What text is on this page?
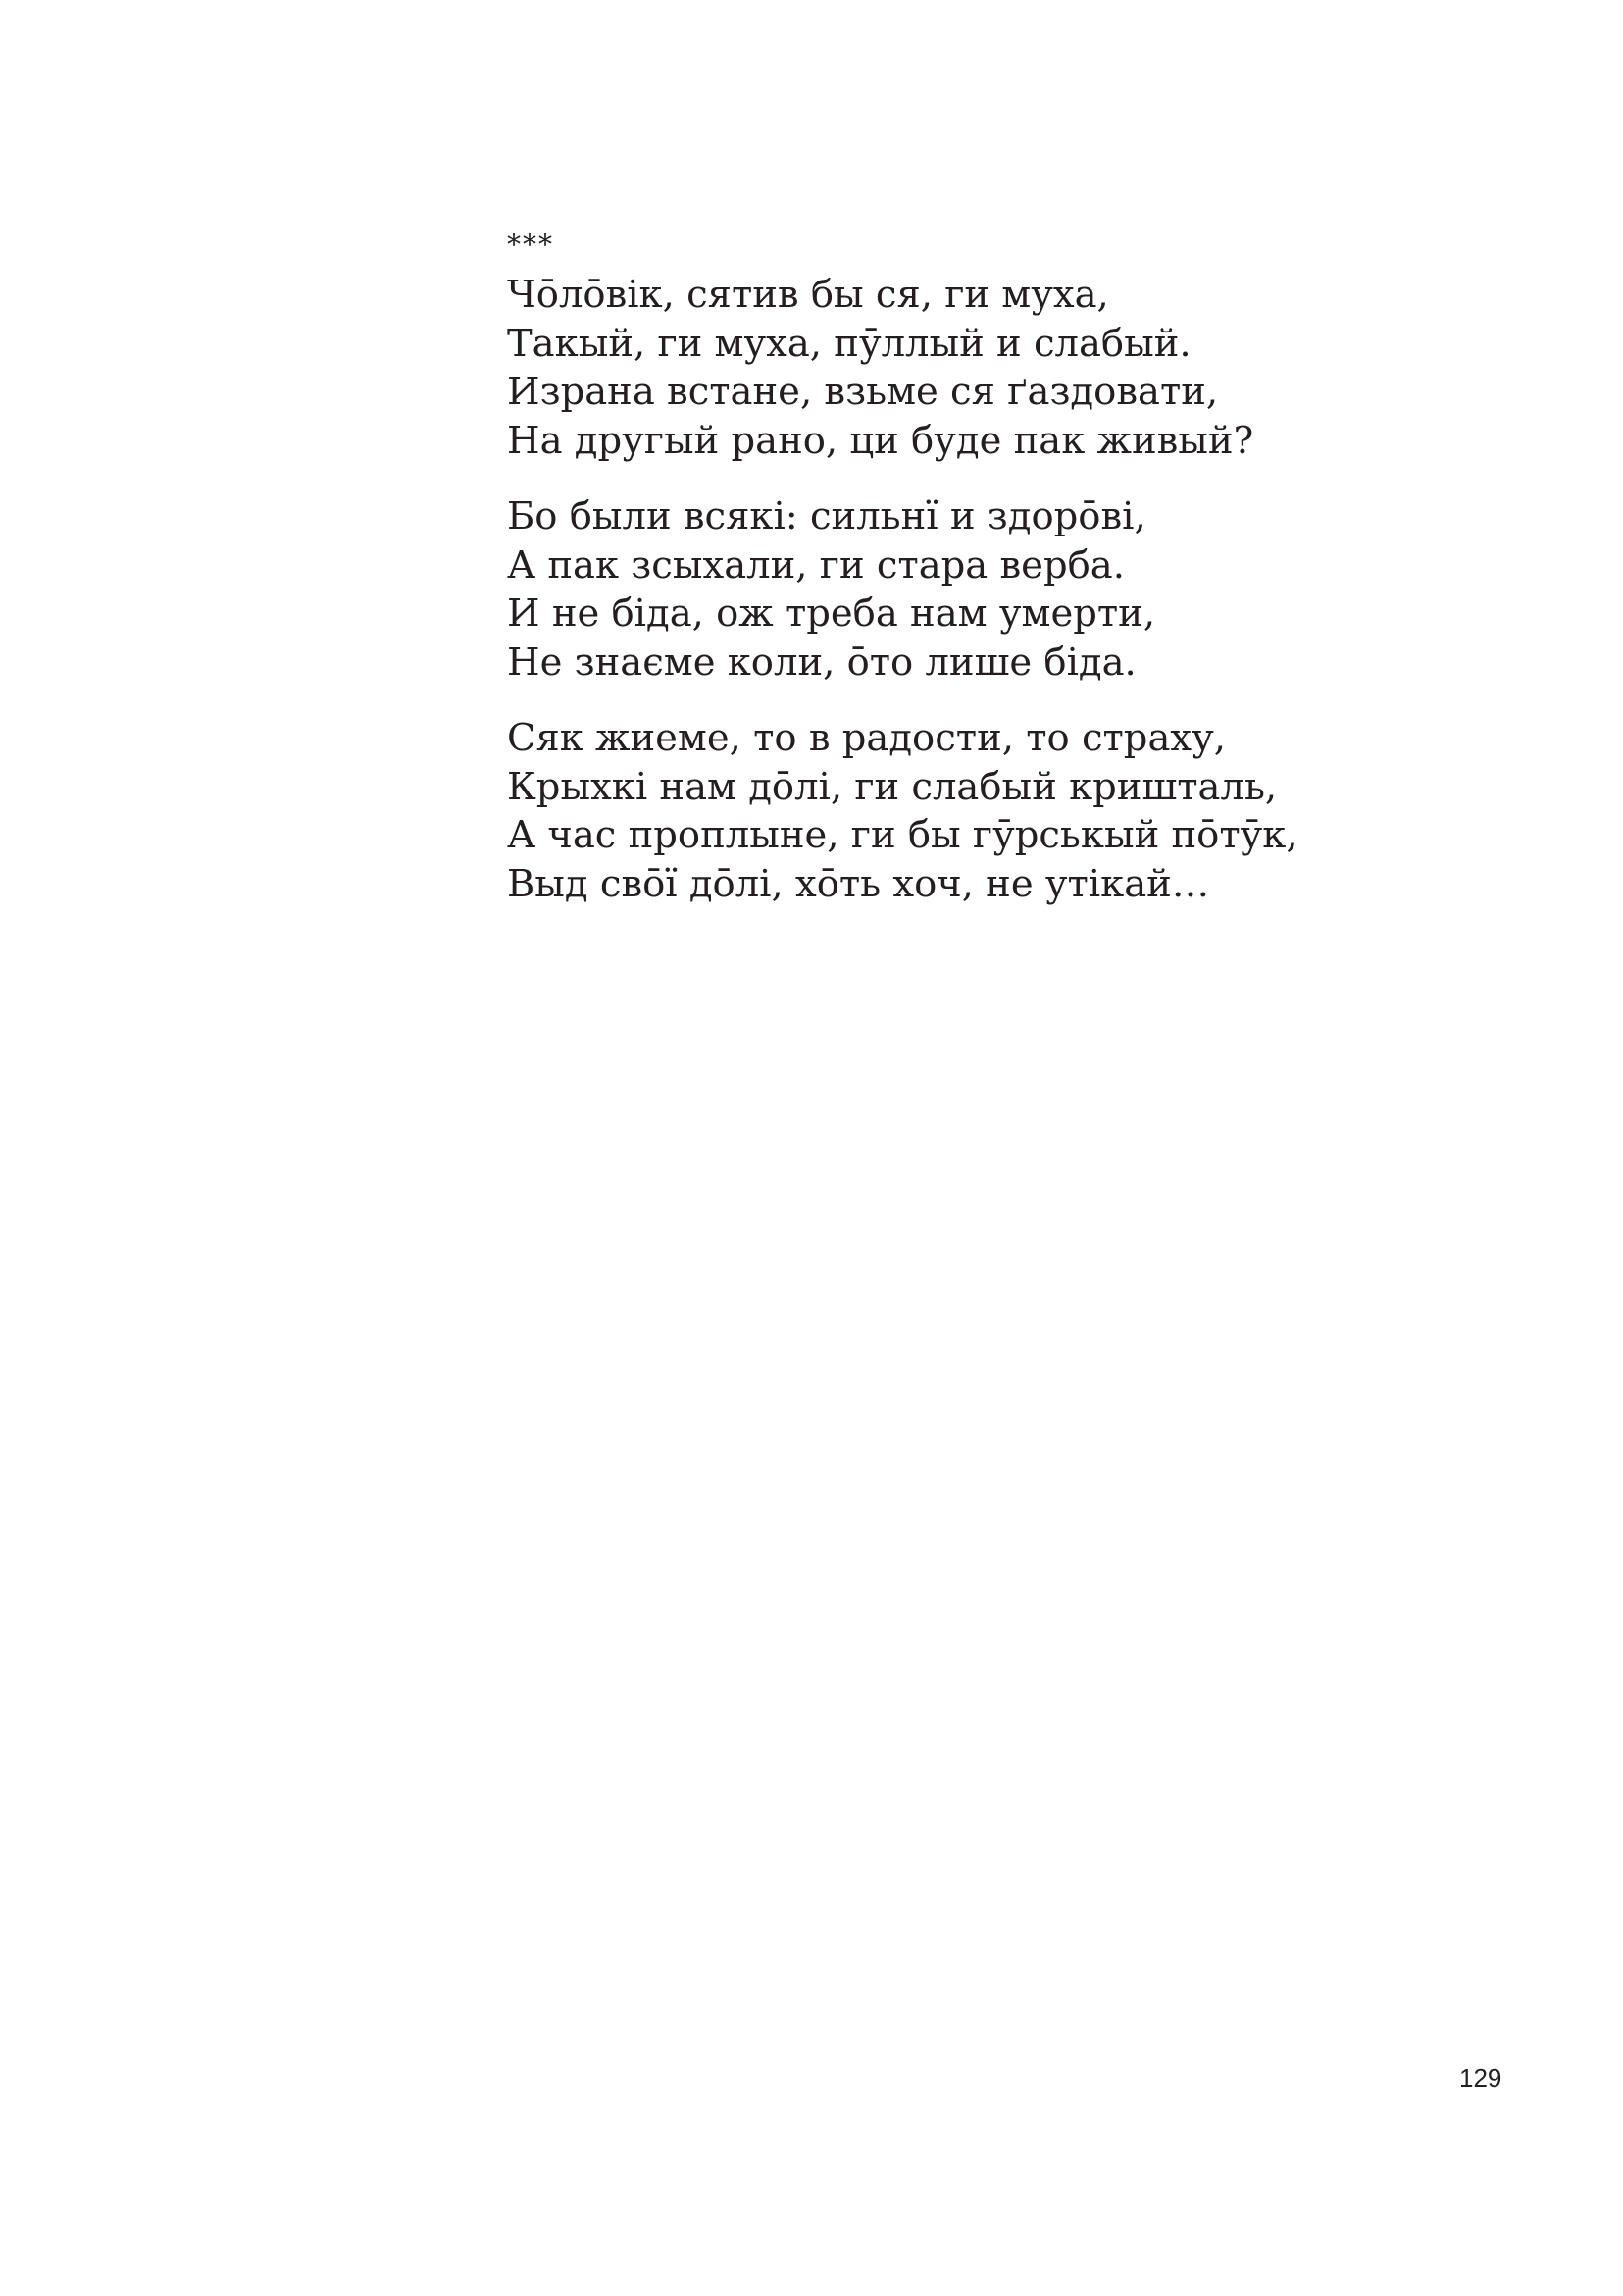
***
Чо̄ло̄вік, сятив бы ся, ги муха,
Такый, ги муха, пӯллый и слабый.
Израна встане, взьме ся ґаздовати,
На другый рано, ци буде пак живый?
Бо были всякі: сильнї и здоро̄ві,
А пак зсыхали, ги стара верба.
И не біда, ож треба нам умерти,
Не знаєме коли, о̄то лише біда.
Сяк жиеме, то в радости, то страху,
Крыхкі нам до̄лі, ги слабый кришталь,
А час проплыне, ги бы гӯрськый по̄тӯк,
Выд сво̄ї до̄лі, хо̄ть хоч, не утікай…
129
